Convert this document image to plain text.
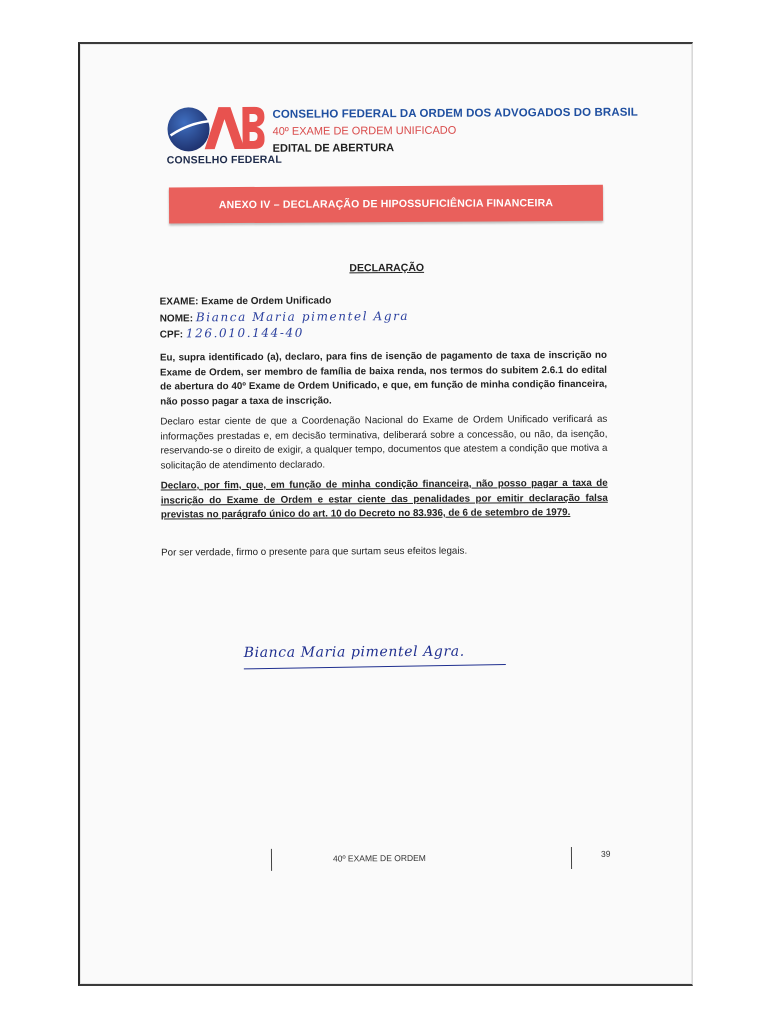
CONSELHO FEDERAL
CONSELHO FEDERAL DA ORDEM DOS ADVOGADOS DO BRASIL
40º EXAME DE ORDEM UNIFICADO
EDITAL DE ABERTURA
ANEXO IV – DECLARAÇÃO DE HIPOSSUFICIÊNCIA FINANCEIRA
DECLARAÇÃO
EXAME: Exame de Ordem Unificado
NOME: Bianca Maria pimentel Agra
CPF: 126.010.144-40
Eu, supra identificado (a), declaro, para fins de isenção de pagamento de taxa de inscrição no Exame de Ordem, ser membro de família de baixa renda, nos termos do subitem 2.6.1 do edital de abertura do 40º Exame de Ordem Unificado, e que, em função de minha condição financeira, não posso pagar a taxa de inscrição.
Declaro estar ciente de que a Coordenação Nacional do Exame de Ordem Unificado verificará as informações prestadas e, em decisão terminativa, deliberará sobre a concessão, ou não, da isenção, reservando-se o direito de exigir, a qualquer tempo, documentos que atestem a condição que motiva a solicitação de atendimento declarado.
Declaro, por fim, que, em função de minha condição financeira, não posso pagar a taxa de inscrição do Exame de Ordem e estar ciente das penalidades por emitir declaração falsa previstas no parágrafo único do art. 10 do Decreto no 83.936, de 6 de setembro de 1979.
Por ser verdade, firmo o presente para que surtam seus efeitos legais.
Bianca Maria pimentel Agra.
40º EXAME DE ORDEM	39
